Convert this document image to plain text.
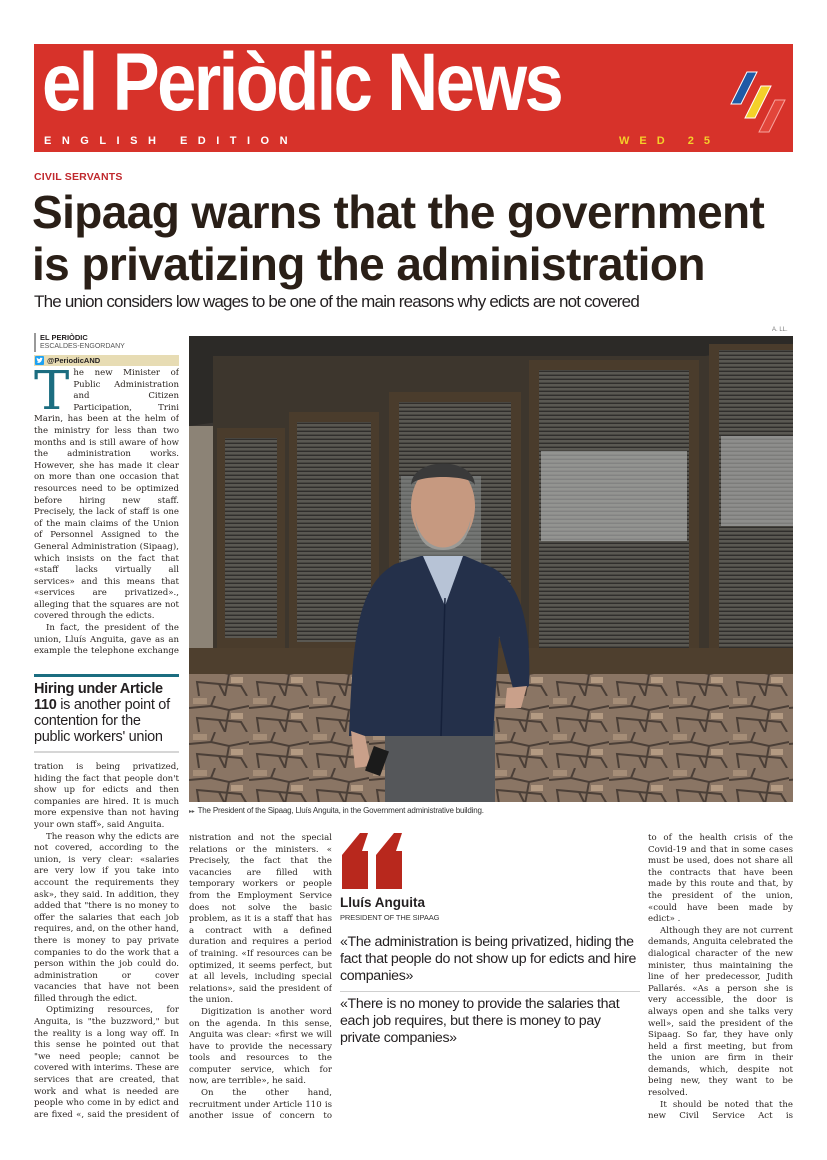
el Periòdic News
ENGLISH EDITION	WED 25
CIVIL SERVANTS
Sipaag warns that the government is privatizing the administration
The union considers low wages to be one of the main reasons why edicts are not covered
EL PERIÒDIC
ESCALDES-ENGORDANY
@PeriodicAND

The new Minister of Public Administration and Citizen Participation, Trini Marin, has been at the helm of the ministry for less than two months and is still aware of how the administration works. However, she has made it clear on more than one occasion that resources need to be optimized before hiring new staff. Precisely, the lack of staff is one of the main claims of the Union of Personnel Assigned to the General Administration (Sipaag), which insists on the fact that «staff lacks virtually all services» and this means that «services are privatized»., alleging that the squares are not covered through the edicts.

In fact, the president of the union, Lluís Anguita, gave as an example the telephone exchange

Hiring under Article 110 is another point of contention for the public workers' union

tration is being privatized, hiding the fact that people don't show up for edicts and then companies are hired. It is much more expensive than not having your own staff», said Anguita.

The reason why the edicts are not covered, according to the union, is very clear: «salaries are very low if you take into account the requirements they ask», they said. In addition, they added that "there is no money to offer the salaries that each job requires, and, on the other hand, there is money to pay private companies to do the work that a person within the job could do. administration or cover vacancies that have not been filled through the edict.

Optimizing resources, for Anguita, is "the buzzword," but the reality is a long way off. In this sense he pointed out that "we need people; cannot be covered with interims. These are services that are created, that work and what is needed are people who come in by edict and are fixed «, said the president of

A. LL.
▸▸ The President of the Sipaag, Lluís Anguita, in the Government administrative building.

nistration and not the special relations or the ministers. « Precisely, the fact that the vacancies are filled with temporary workers or people from the Employment Service does not solve the basic problem, as it is a staff that has a contract with a defined duration and requires a period of training. «If resources can be optimized, it seems perfect, but at all levels, including special relations», said the president of the union.

Digitization is another word on the agenda. In this sense, Anguita was clear: «first we will have to provide the necessary tools and resources to the computer service, which for now, are terrible», he said.

On the other hand, recruitment under Article 110 is another issue of concern to

Lluís Anguita
PRESIDENT OF THE SIPAAG
«The administration is being privatized, hiding the fact that people do not show up for edicts and hire companies»
«There is no money to provide the salaries that each job requires, but there is money to pay private companies»

to of the health crisis of the Covid-19 and that in some cases must be used, does not share all the contracts that have been made by this route and that, by the president of the union, «could have been made by edict» .

Although they are not current demands, Anguita celebrated the dialogical character of the new minister, thus maintaining the line of her predecessor, Judith Pallarés. «As a person she is very accessible, the door is always open and she talks very well», said the president of the Sipaag. So far, they have only held a first meeting, but from the union are firm in their demands, which, despite not being new, they want to be resolved.

It should be noted that the new Civil Service Act is
